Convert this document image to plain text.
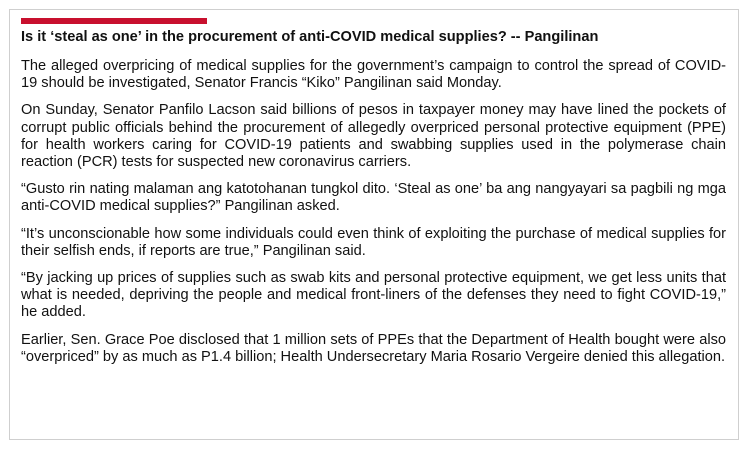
Is it ‘steal as one’ in the procurement of anti-COVID medical supplies? -- Pangilinan

The alleged overpricing of medical supplies for the government’s campaign to control the spread of COVID-19 should be investigated, Senator Francis “Kiko” Pangilinan said Monday.

On Sunday, Senator Panfilo Lacson said billions of pesos in taxpayer money may have lined the pockets of corrupt public officials behind the procurement of allegedly overpriced personal protective equipment (PPE) for health workers caring for COVID-19 patients and swabbing supplies used in the polymerase chain reaction (PCR) tests for suspected new coronavirus carriers.

“Gusto rin nating malaman ang katotohanan tungkol dito. ‘Steal as one’ ba ang nangyayari sa pagbili ng mga anti-COVID medical supplies?” Pangilinan asked.

“It’s unconscionable how some individuals could even think of exploiting the purchase of medical supplies for their selfish ends, if reports are true,” Pangilinan said.

“By jacking up prices of supplies such as swab kits and personal protective equipment, we get less units that what is needed, depriving the people and medical front-liners of the defenses they need to fight COVID-19,” he added.

Earlier, Sen. Grace Poe disclosed that 1 million sets of PPEs that the Department of Health bought were also “overpriced” by as much as P1.4 billion; Health Undersecretary Maria Rosario Vergeire denied this allegation.
